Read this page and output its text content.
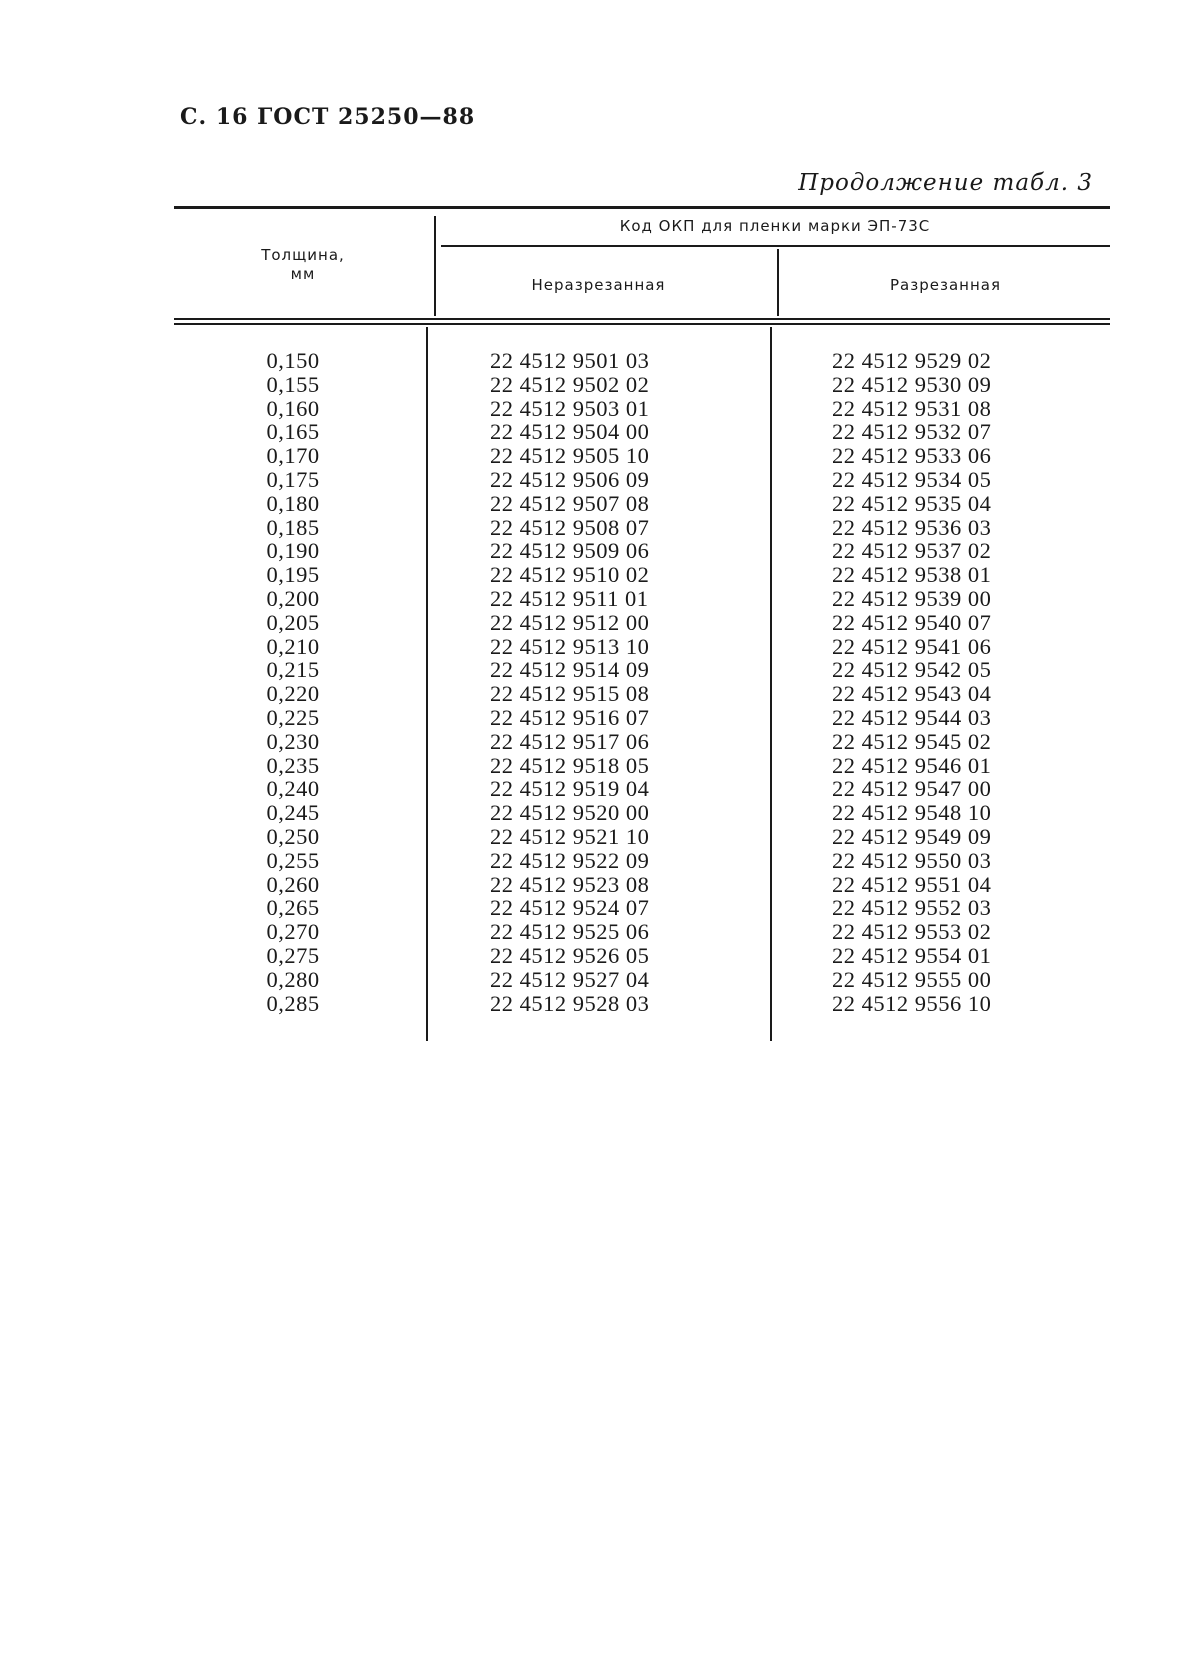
С. 16 ГОСТ 25250—88
Продолжение табл. 3
Толщина,
мм
Код ОКП для пленки марки ЭП-73С
Неразрезанная	Разрезанная
0,150
0,155
0,160
0,165
0,170
0,175
0,180
0,185
0,190
0,195
0,200
0,205
0,210
0,215
0,220
0,225
0,230
0,235
0,240
0,245
0,250
0,255
0,260
0,265
0,270
0,275
0,280
0,285
22 4512 9501 03
22 4512 9502 02
22 4512 9503 01
22 4512 9504 00
22 4512 9505 10
22 4512 9506 09
22 4512 9507 08
22 4512 9508 07
22 4512 9509 06
22 4512 9510 02
22 4512 9511 01
22 4512 9512 00
22 4512 9513 10
22 4512 9514 09
22 4512 9515 08
22 4512 9516 07
22 4512 9517 06
22 4512 9518 05
22 4512 9519 04
22 4512 9520 00
22 4512 9521 10
22 4512 9522 09
22 4512 9523 08
22 4512 9524 07
22 4512 9525 06
22 4512 9526 05
22 4512 9527 04
22 4512 9528 03
22 4512 9529 02
22 4512 9530 09
22 4512 9531 08
22 4512 9532 07
22 4512 9533 06
22 4512 9534 05
22 4512 9535 04
22 4512 9536 03
22 4512 9537 02
22 4512 9538 01
22 4512 9539 00
22 4512 9540 07
22 4512 9541 06
22 4512 9542 05
22 4512 9543 04
22 4512 9544 03
22 4512 9545 02
22 4512 9546 01
22 4512 9547 00
22 4512 9548 10
22 4512 9549 09
22 4512 9550 03
22 4512 9551 04
22 4512 9552 03
22 4512 9553 02
22 4512 9554 01
22 4512 9555 00
22 4512 9556 10
